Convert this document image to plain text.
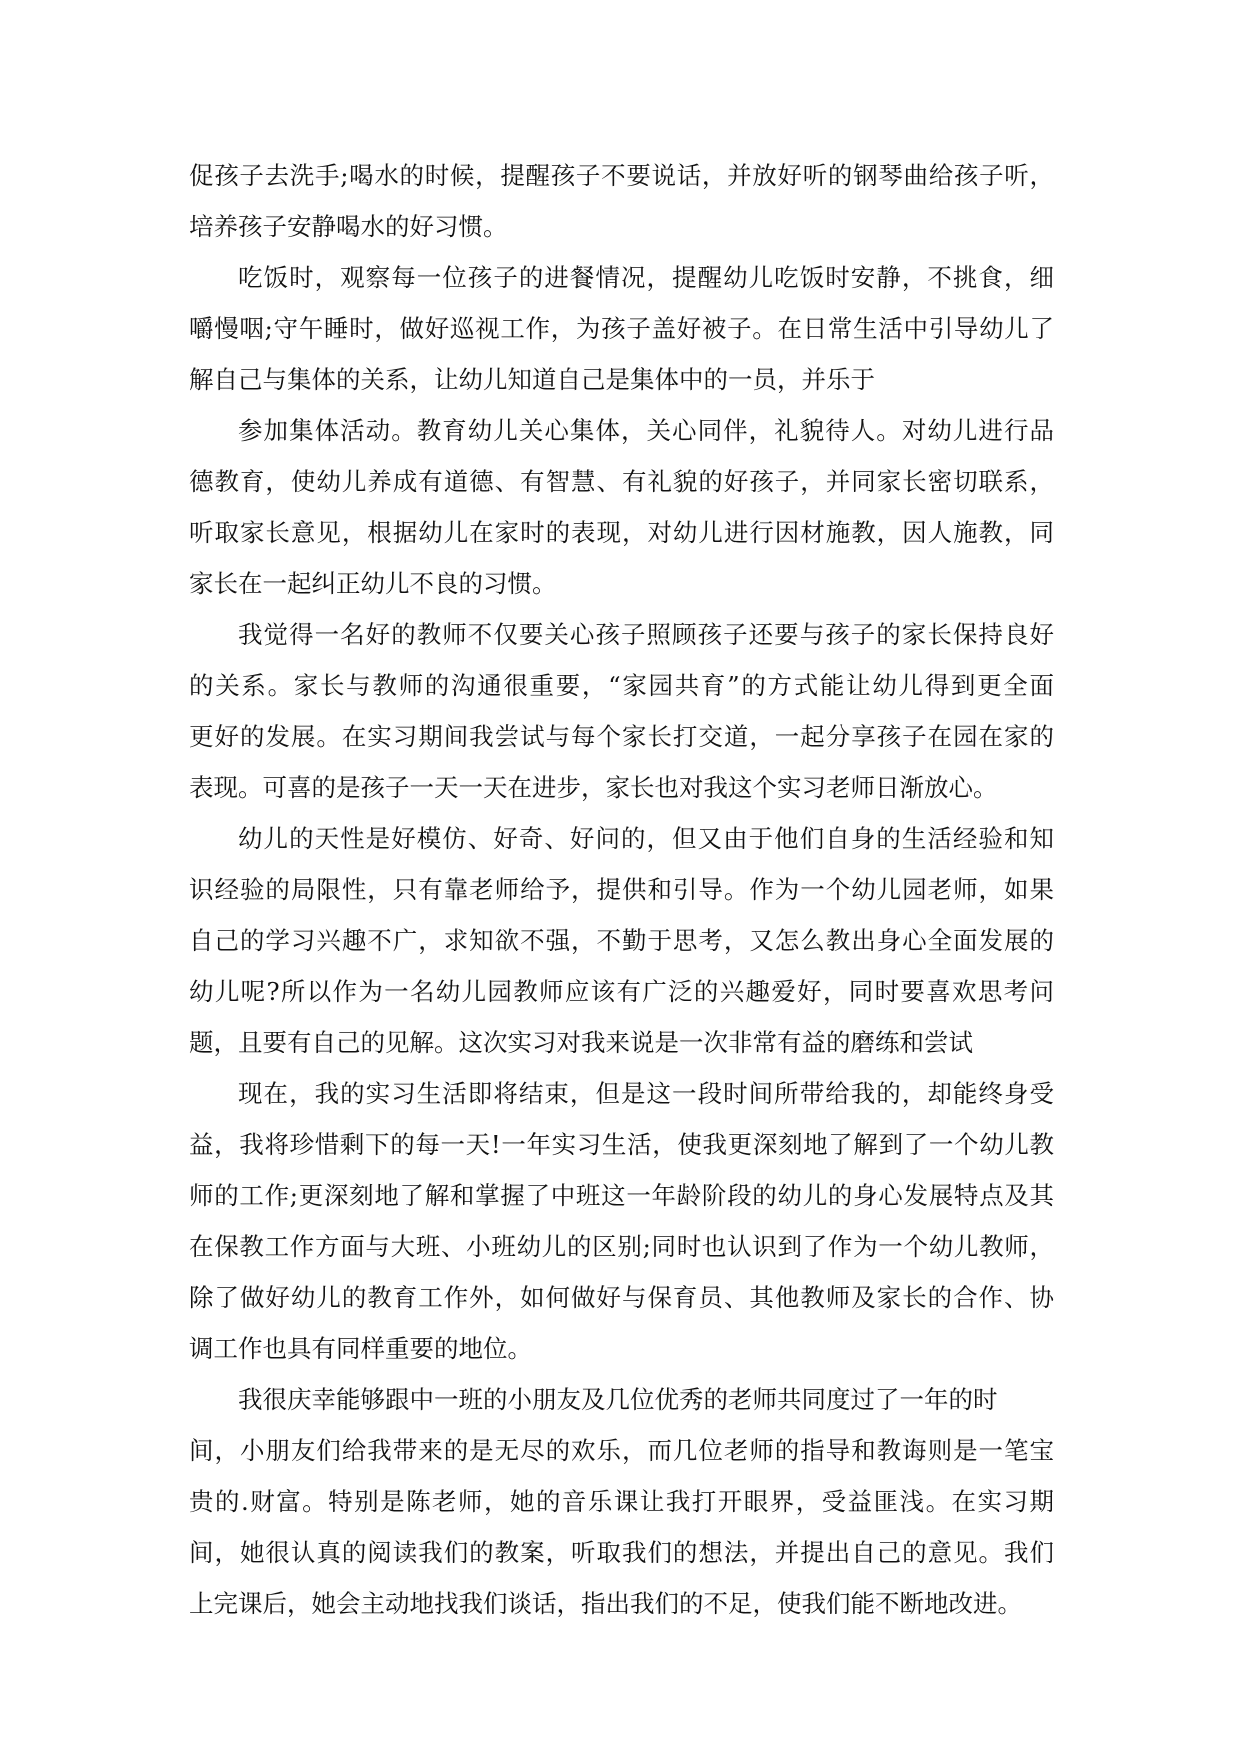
促孩子去洗手;喝水的时候，提醒孩子不要说话，并放好听的钢琴曲给孩子听，
培养孩子安静喝水的好习惯。
吃饭时，观察每一位孩子的进餐情况，提醒幼儿吃饭时安静，不挑食，细
嚼慢咽;守午睡时，做好巡视工作，为孩子盖好被子。在日常生活中引导幼儿了
解自己与集体的关系，让幼儿知道自己是集体中的一员，并乐于
参加集体活动。教育幼儿关心集体，关心同伴，礼貌待人。对幼儿进行品
德教育，使幼儿养成有道德、有智慧、有礼貌的好孩子，并同家长密切联系，
听取家长意见，根据幼儿在家时的表现，对幼儿进行因材施教，因人施教，同
家长在一起纠正幼儿不良的习惯。
我觉得一名好的教师不仅要关心孩子照顾孩子还要与孩子的家长保持良好
的关系。家长与教师的沟通很重要，“家园共育”的方式能让幼儿得到更全面
更好的发展。在实习期间我尝试与每个家长打交道，一起分享孩子在园在家的
表现。可喜的是孩子一天一天在进步，家长也对我这个实习老师日渐放心。
幼儿的天性是好模仿、好奇、好问的，但又由于他们自身的生活经验和知
识经验的局限性，只有靠老师给予，提供和引导。作为一个幼儿园老师，如果
自己的学习兴趣不广，求知欲不强，不勤于思考，又怎么教出身心全面发展的
幼儿呢?所以作为一名幼儿园教师应该有广泛的兴趣爱好，同时要喜欢思考问
题，且要有自己的见解。这次实习对我来说是一次非常有益的磨练和尝试
现在，我的实习生活即将结束，但是这一段时间所带给我的，却能终身受
益，我将珍惜剩下的每一天!一年实习生活，使我更深刻地了解到了一个幼儿教
师的工作;更深刻地了解和掌握了中班这一年龄阶段的幼儿的身心发展特点及其
在保教工作方面与大班、小班幼儿的区别;同时也认识到了作为一个幼儿教师，
除了做好幼儿的教育工作外，如何做好与保育员、其他教师及家长的合作、协
调工作也具有同样重要的地位。
我很庆幸能够跟中一班的小朋友及几位优秀的老师共同度过了一年的时
间，小朋友们给我带来的是无尽的欢乐，而几位老师的指导和教诲则是一笔宝
贵的.财富。特别是陈老师，她的音乐课让我打开眼界，受益匪浅。在实习期
间，她很认真的阅读我们的教案，听取我们的想法，并提出自己的意见。我们
上完课后，她会主动地找我们谈话，指出我们的不足，使我们能不断地改进。
